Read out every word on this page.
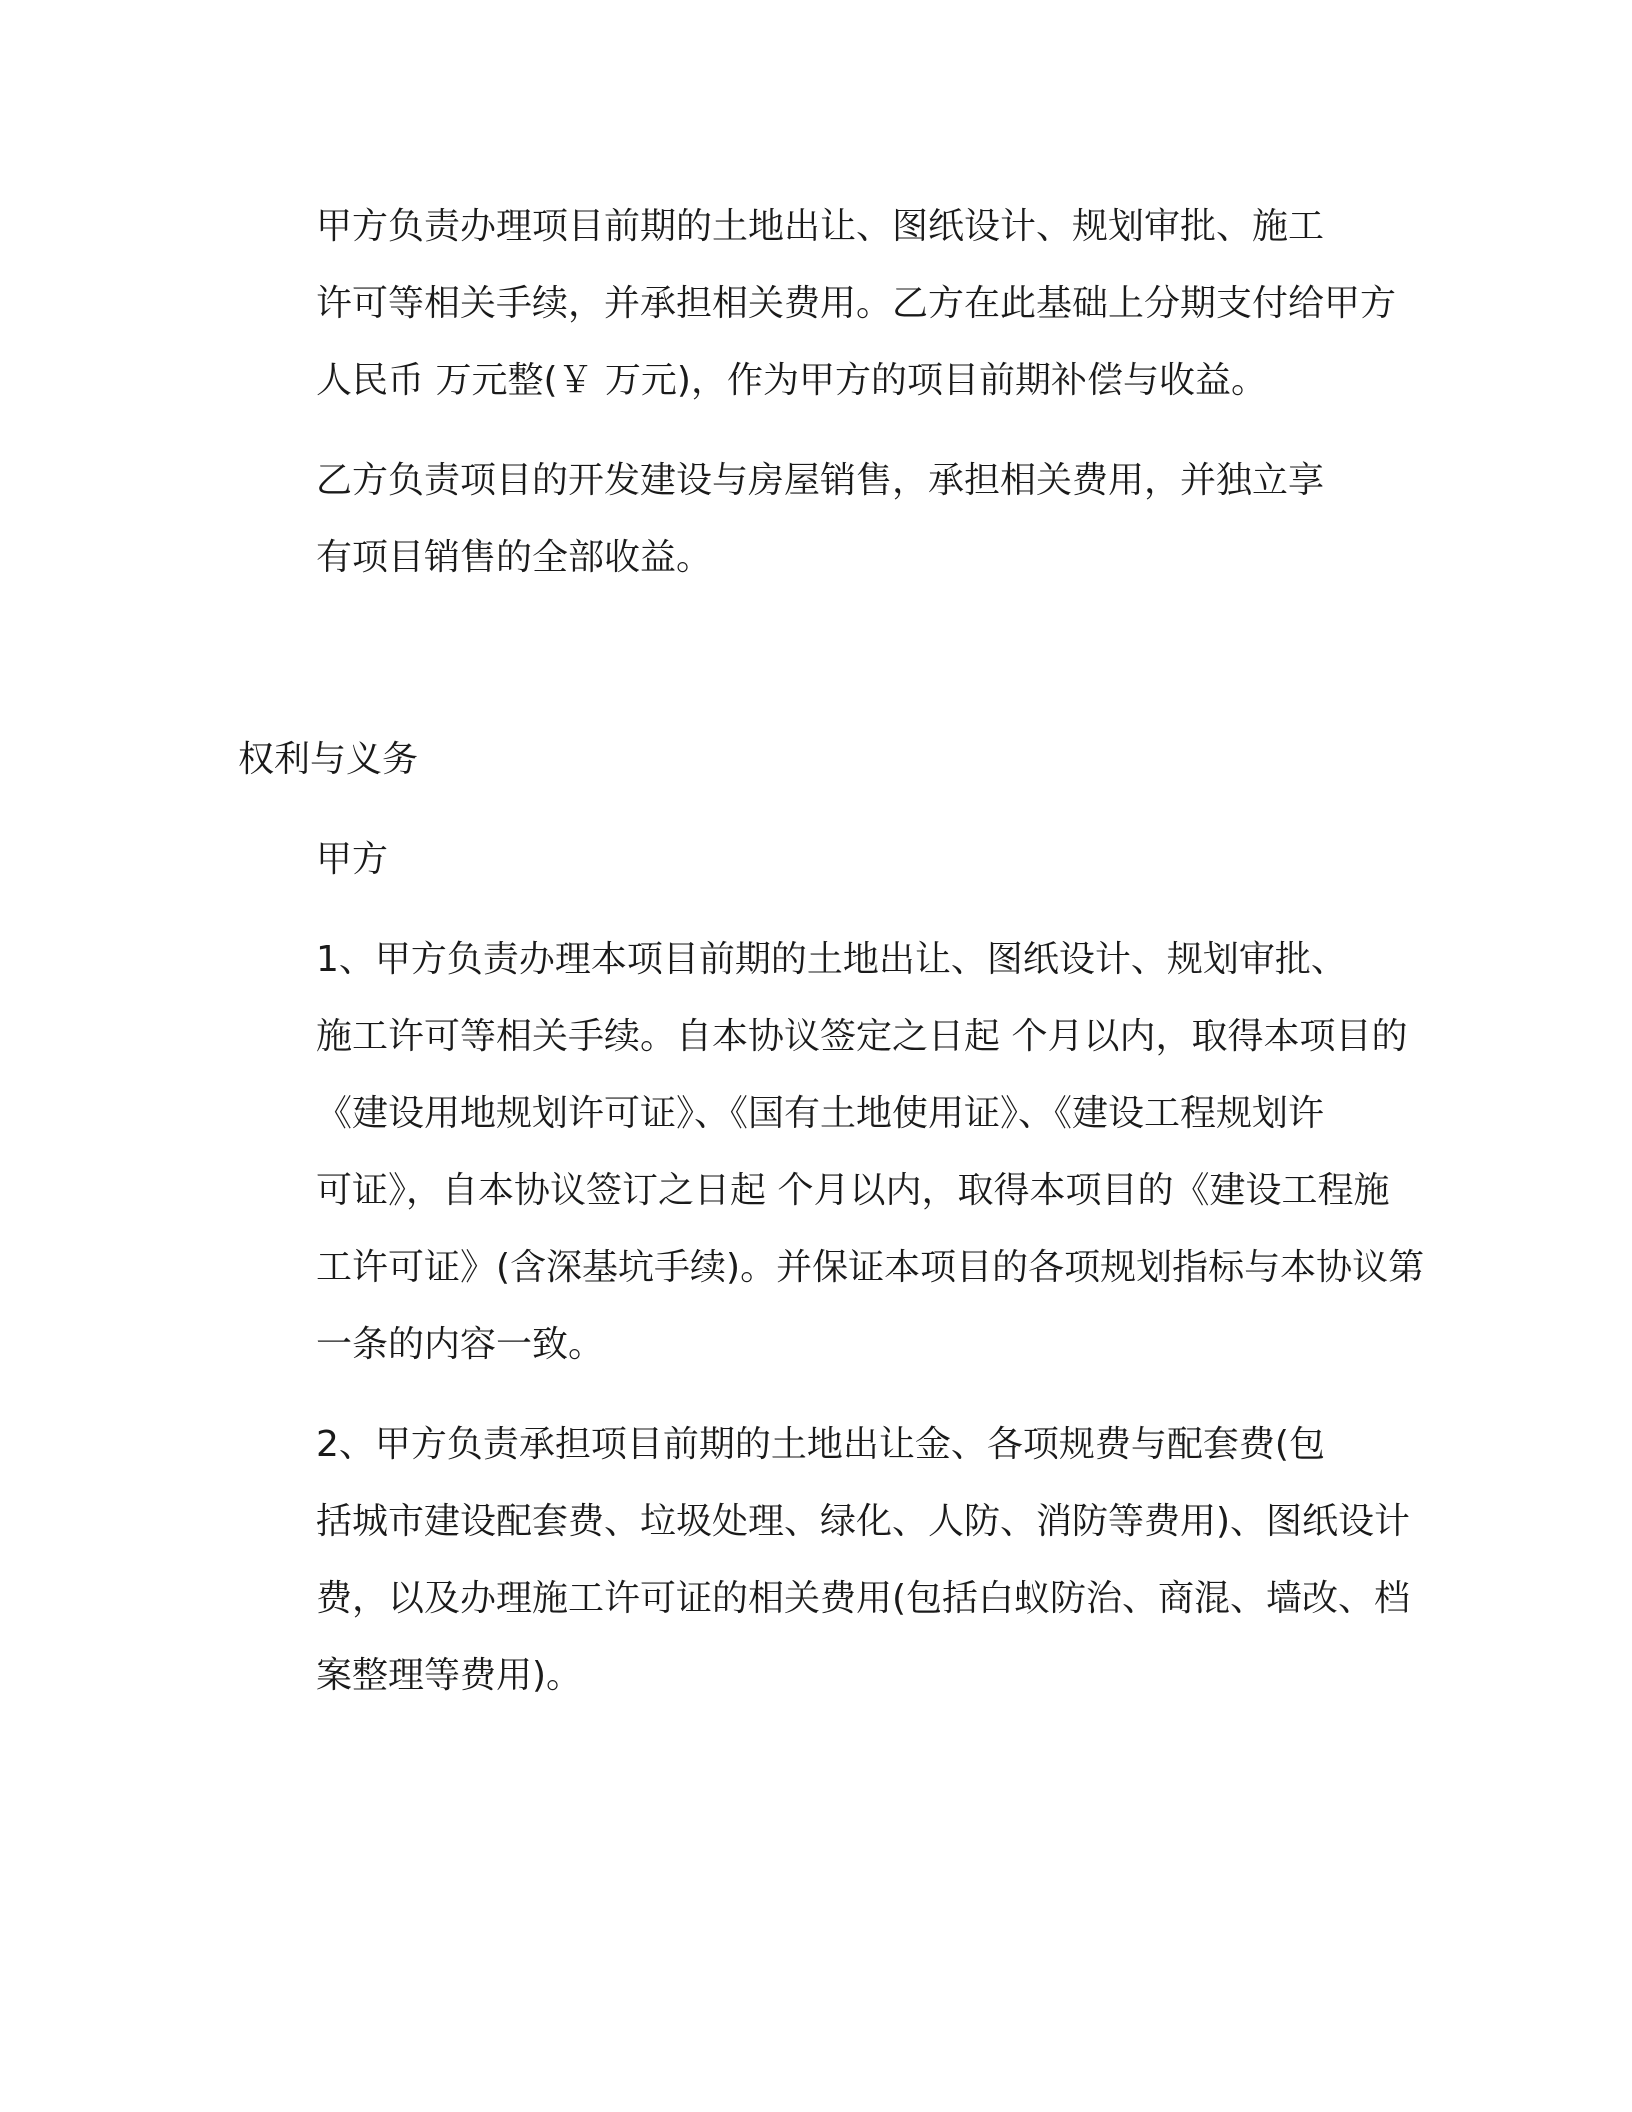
甲方负责办理项目前期的土地出让、图纸设计、规划审批、施工
许可等相关手续，并承担相关费用。乙方在此基础上分期支付给甲方
人民币 万元整(￥ 万元)，作为甲方的项目前期补偿与收益。

乙方负责项目的开发建设与房屋销售，承担相关费用，并独立享
有项目销售的全部收益。

权利与义务

甲方

1、甲方负责办理本项目前期的土地出让、图纸设计、规划审批、
施工许可等相关手续。自本协议签定之日起 个月以内，取得本项目的
《建设用地规划许可证》、《国有土地使用证》、《建设工程规划许
可证》，自本协议签订之日起 个月以内，取得本项目的《建设工程施
工许可证》(含深基坑手续)。并保证本项目的各项规划指标与本协议第
一条的内容一致。

2、甲方负责承担项目前期的土地出让金、各项规费与配套费(包
括城市建设配套费、垃圾处理、绿化、人防、消防等费用)、图纸设计
费，以及办理施工许可证的相关费用(包括白蚁防治、商混、墙改、档
案整理等费用)。
